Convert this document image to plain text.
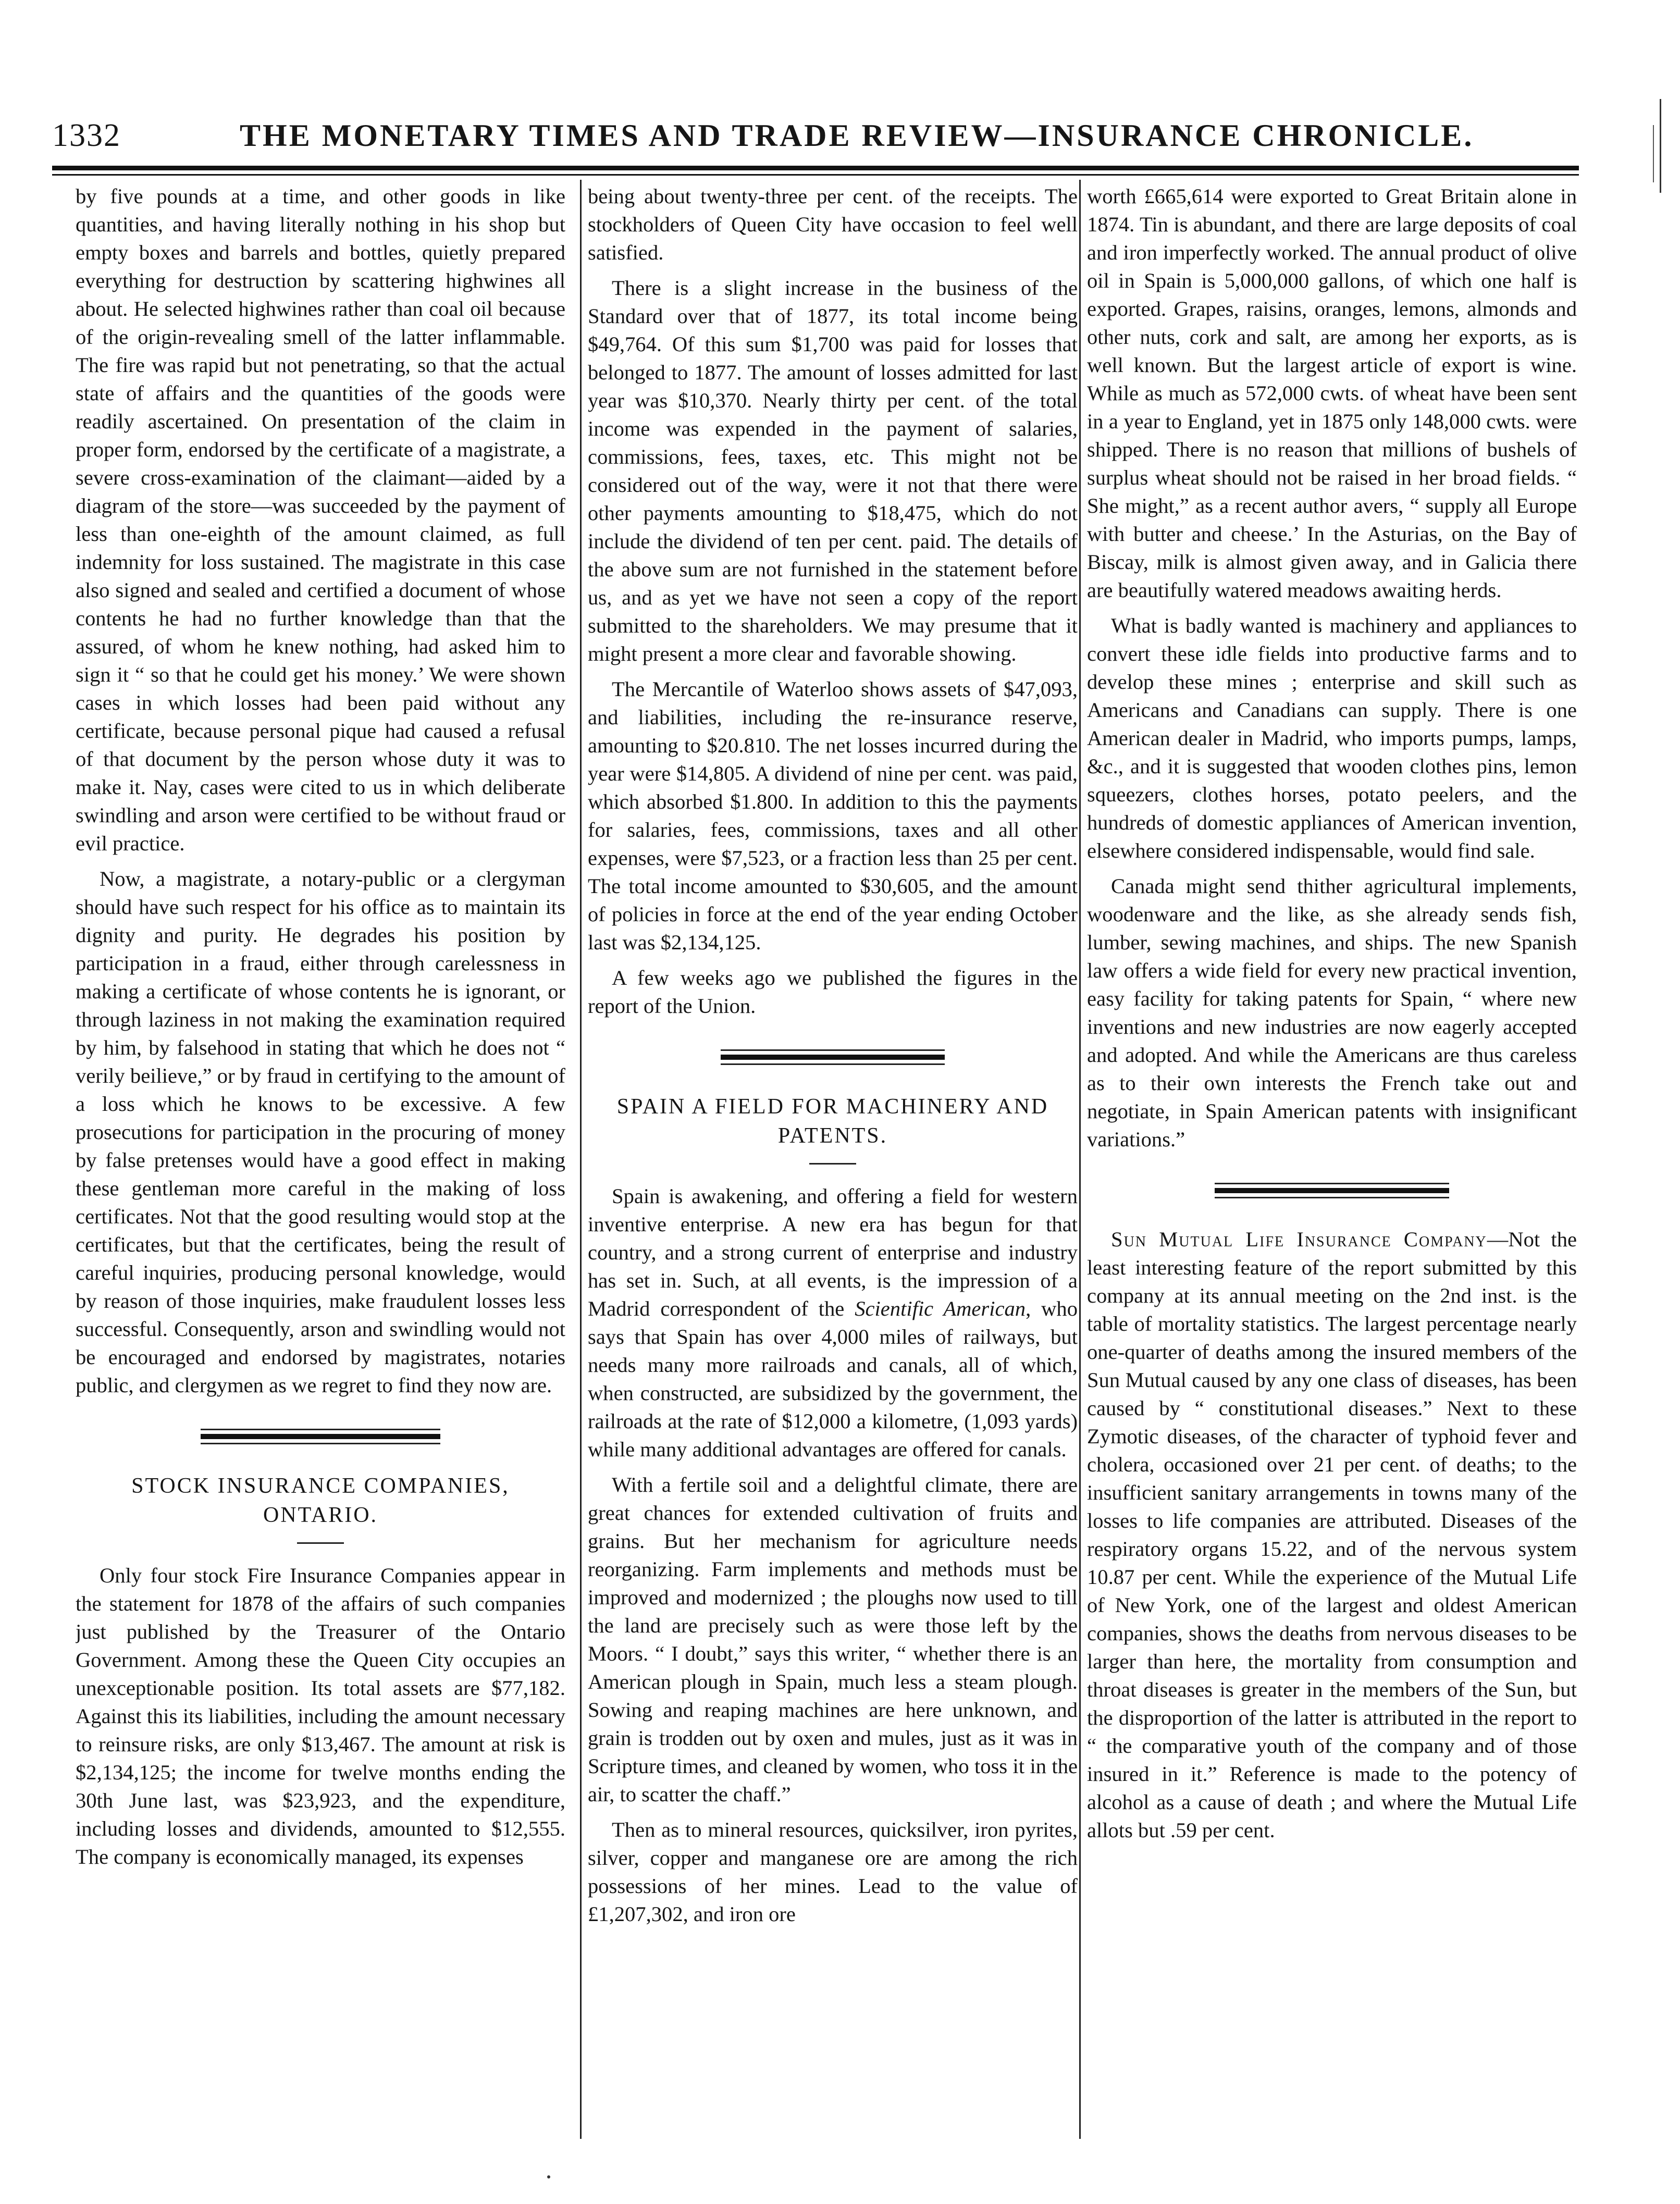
1332	THE MONETARY TIMES AND TRADE REVIEW—INSURANCE CHRONICLE.

by five pounds at a time, and other goods in like quantities, and having literally nothing in his shop but empty boxes and barrels and bottles, quietly prepared everything for destruction by scattering highwines all about. He selected highwines rather than coal oil because of the origin-revealing smell of the latter inflammable. The fire was rapid but not penetrating, so that the actual state of affairs and the quantities of the goods were readily ascertained. On presentation of the claim in proper form, endorsed by the certificate of a magistrate, a severe cross-examination of the claimant—aided by a diagram of the store—was succeeded by the payment of less than one-eighth of the amount claimed, as full indemnity for loss sustained. The magistrate in this case also signed and sealed and certified a document of whose contents he had no further knowledge than that the assured, of whom he knew nothing, had asked him to sign it “ so that he could get his money.’ We were shown cases in which losses had been paid without any certificate, because personal pique had caused a refusal of that document by the person whose duty it was to make it. Nay, cases were cited to us in which deliberate swindling and arson were certified to be without fraud or evil practice.

Now, a magistrate, a notary-public or a clergyman should have such respect for his office as to maintain its dignity and purity. He degrades his position by participation in a fraud, either through carelessness in making a certificate of whose contents he is ignorant, or through laziness in not making the examination required by him, by falsehood in stating that which he does not “ verily beilieve,” or by fraud in certifying to the amount of a loss which he knows to be excessive. A few prosecutions for participation in the procuring of money by false pretenses would have a good effect in making these gentleman more careful in the making of loss certificates. Not that the good resulting would stop at the certificates, but that the certificates, being the result of careful inquiries, producing personal knowledge, would by reason of those inquiries, make fraudulent losses less successful. Consequently, arson and swindling would not be encouraged and endorsed by magistrates, notaries public, and clergymen as we regret to find they now are.

STOCK INSURANCE COMPANIES,
ONTARIO.

Only four stock Fire Insurance Companies appear in the statement for 1878 of the affairs of such companies just published by the Treasurer of the Ontario Government. Among these the Queen City occupies an unexceptionable position. Its total assets are $77,182. Against this its liabilities, including the amount necessary to reinsure risks, are only $13,467. The amount at risk is $2,134,125; the income for twelve months ending the 30th June last, was $23,923, and the expenditure, including losses and dividends, amounted to $12,555. The company is economically managed, its expenses

being about twenty-three per cent. of the receipts. The stockholders of Queen City have occasion to feel well satisfied.

There is a slight increase in the business of the Standard over that of 1877, its total income being $49,764. Of this sum $1,700 was paid for losses that belonged to 1877. The amount of losses admitted for last year was $10,370. Nearly thirty per cent. of the total income was expended in the payment of salaries, commissions, fees, taxes, etc. This might not be considered out of the way, were it not that there were other payments amounting to $18,475, which do not include the dividend of ten per cent. paid. The details of the above sum are not furnished in the statement before us, and as yet we have not seen a copy of the report submitted to the shareholders. We may presume that it might present a more clear and favorable showing.

The Mercantile of Waterloo shows assets of $47,093, and liabilities, including the re-insurance reserve, amounting to $20.810. The net losses incurred during the year were $14,805. A dividend of nine per cent. was paid, which absorbed $1.800. In addition to this the payments for salaries, fees, commissions, taxes and all other expenses, were $7,523, or a fraction less than 25 per cent. The total income amounted to $30,605, and the amount of policies in force at the end of the year ending October last was $2,134,125.

A few weeks ago we published the figures in the report of the Union.

SPAIN A FIELD FOR MACHINERY AND
PATENTS.

Spain is awakening, and offering a field for western inventive enterprise. A new era has begun for that country, and a strong current of enterprise and industry has set in. Such, at all events, is the impression of a Madrid correspondent of the Scientific American, who says that Spain has over 4,000 miles of railways, but needs many more railroads and canals, all of which, when constructed, are subsidized by the government, the railroads at the rate of $12,000 a kilometre, (1,093 yards) while many additional advantages are offered for canals.

With a fertile soil and a delightful climate, there are great chances for extended cultivation of fruits and grains. But her mechanism for agriculture needs reorganizing. Farm implements and methods must be improved and modernized ; the ploughs now used to till the land are precisely such as were those left by the Moors. “ I doubt,” says this writer, “ whether there is an American plough in Spain, much less a steam plough. Sowing and reaping machines are here unknown, and grain is trodden out by oxen and mules, just as it was in Scripture times, and cleaned by women, who toss it in the air, to scatter the chaff.”

Then as to mineral resources, quicksilver, iron pyrites, silver, copper and manganese ore are among the rich possessions of her mines. Lead to the value of £1,207,302, and iron ore

worth £665,614 were exported to Great Britain alone in 1874. Tin is abundant, and there are large deposits of coal and iron imperfectly worked. The annual product of olive oil in Spain is 5,000,000 gallons, of which one half is exported. Grapes, raisins, oranges, lemons, almonds and other nuts, cork and salt, are among her exports, as is well known. But the largest article of export is wine. While as much as 572,000 cwts. of wheat have been sent in a year to England, yet in 1875 only 148,000 cwts. were shipped. There is no reason that millions of bushels of surplus wheat should not be raised in her broad fields. “ She might,” as a recent author avers, “ supply all Europe with butter and cheese.’ In the Asturias, on the Bay of Biscay, milk is almost given away, and in Galicia there are beautifully watered meadows awaiting herds.

What is badly wanted is machinery and appliances to convert these idle fields into productive farms and to develop these mines ; enterprise and skill such as Americans and Canadians can supply. There is one American dealer in Madrid, who imports pumps, lamps, &c., and it is suggested that wooden clothes pins, lemon squeezers, clothes horses, potato peelers, and the hundreds of domestic appliances of American invention, elsewhere considered indispensable, would find sale.

Canada might send thither agricultural implements, woodenware and the like, as she already sends fish, lumber, sewing machines, and ships. The new Spanish law offers a wide field for every new practical invention, easy facility for taking patents for Spain, “ where new inventions and new industries are now eagerly accepted and adopted. And while the Americans are thus careless as to their own interests the French take out and negotiate, in Spain American patents with insignificant variations.”

Sun Mutual Life Insurance Company—Not the least interesting feature of the report submitted by this company at its annual meeting on the 2nd inst. is the table of mortality statistics. The largest percentage nearly one-quarter of deaths among the insured members of the Sun Mutual caused by any one class of diseases, has been caused by “ constitutional diseases.” Next to these Zymotic diseases, of the character of typhoid fever and cholera, occasioned over 21 per cent. of deaths; to the insufficient sanitary arrangements in towns many of the losses to life companies are attributed. Diseases of the respiratory organs 15.22, and of the nervous system 10.87 per cent. While the experience of the Mutual Life of New York, one of the largest and oldest American companies, shows the deaths from nervous diseases to be larger than here, the mortality from consumption and throat diseases is greater in the members of the Sun, but the disproportion of the latter is attributed in the report to “ the comparative youth of the company and of those insured in it.” Reference is made to the potency of alcohol as a cause of death ; and where the Mutual Life allots but .59 per cent.
